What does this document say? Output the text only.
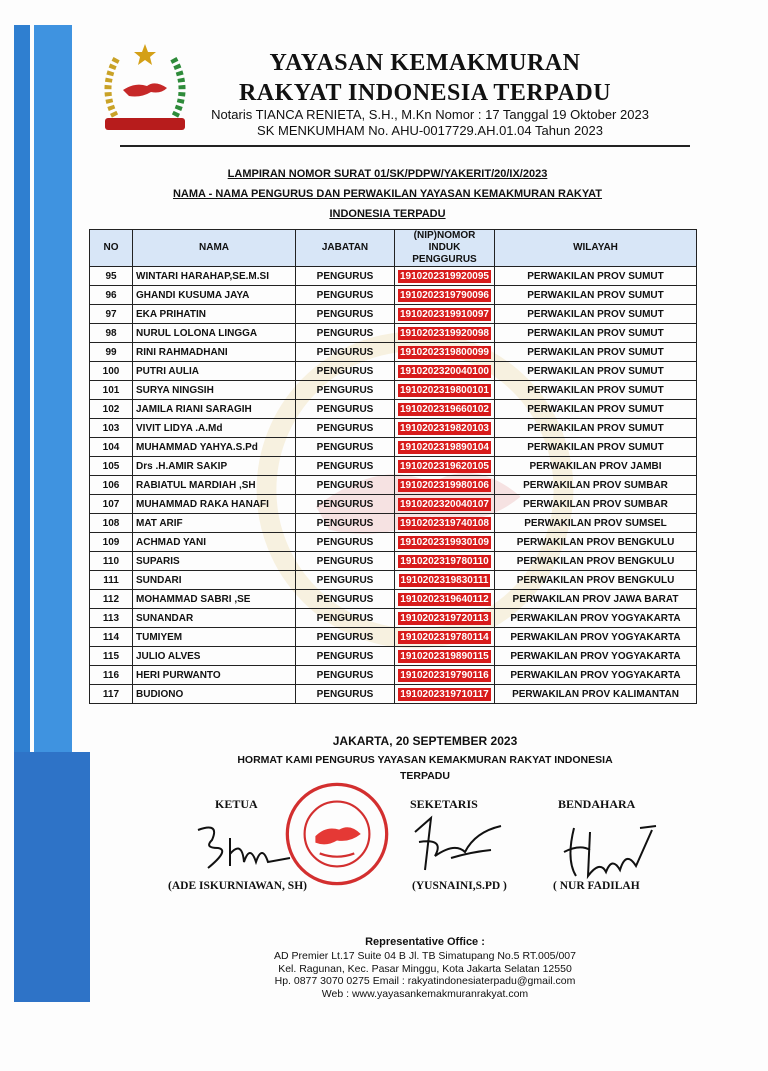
YAYASAN KEMAKMURAN
RAKYAT INDONESIA TERPADU
Notaris TIANCA RENIETA, S.H., M.Kn Nomor : 17 Tanggal 19 Oktober 2023
SK MENKUMHAM No. AHU-0017729.AH.01.04 Tahun 2023
LAMPIRAN NOMOR SURAT 01/SK/PDPW/YAKERIT/20/IX/2023
NAMA - NAMA PENGURUS DAN PERWAKILAN YAYASAN KEMAKMURAN RAKYAT
INDONESIA TERPADU
NO	NAMA	JABATAN	(NIP)NOMOR INDUK PENGGURUS	WILAYAH
95	WINTARI HARAHAP,SE.M.SI	PENGURUS	1910202319920095	PERWAKILAN PROV SUMUT
96	GHANDI KUSUMA JAYA	PENGURUS	1910202319790096	PERWAKILAN PROV SUMUT
97	EKA PRIHATIN	PENGURUS	1910202319910097	PERWAKILAN PROV SUMUT
98	NURUL LOLONA LINGGA	PENGURUS	1910202319920098	PERWAKILAN PROV SUMUT
99	RINI RAHMADHANI	PENGURUS	1910202319800099	PERWAKILAN PROV SUMUT
100	PUTRI AULIA	PENGURUS	1910202320040100	PERWAKILAN PROV SUMUT
101	SURYA NINGSIH	PENGURUS	1910202319800101	PERWAKILAN PROV SUMUT
102	JAMILA RIANI SARAGIH	PENGURUS	1910202319660102	PERWAKILAN PROV SUMUT
103	VIVIT LIDYA .A.Md	PENGURUS	1910202319820103	PERWAKILAN PROV SUMUT
104	MUHAMMAD YAHYA.S.Pd	PENGURUS	1910202319890104	PERWAKILAN PROV SUMUT
105	Drs .H.AMIR SAKIP	PENGURUS	1910202319620105	PERWAKILAN PROV JAMBI
106	RABIATUL MARDIAH ,SH	PENGURUS	1910202319980106	PERWAKILAN PROV SUMBAR
107	MUHAMMAD RAKA HANAFI	PENGURUS	1910202320040107	PERWAKILAN PROV SUMBAR
108	MAT ARIF	PENGURUS	1910202319740108	PERWAKILAN PROV SUMSEL
109	ACHMAD YANI	PENGURUS	1910202319930109	PERWAKILAN PROV BENGKULU
110	SUPARIS	PENGURUS	1910202319780110	PERWAKILAN PROV BENGKULU
111	SUNDARI	PENGURUS	1910202319830111	PERWAKILAN PROV BENGKULU
112	MOHAMMAD SABRI ,SE	PENGURUS	1910202319640112	PERWAKILAN PROV JAWA BARAT
113	SUNANDAR	PENGURUS	1910202319720113	PERWAKILAN PROV YOGYAKARTA
114	TUMIYEM	PENGURUS	1910202319780114	PERWAKILAN PROV YOGYAKARTA
115	JULIO ALVES	PENGURUS	1910202319890115	PERWAKILAN PROV YOGYAKARTA
116	HERI PURWANTO	PENGURUS	1910202319790116	PERWAKILAN PROV YOGYAKARTA
117	BUDIONO	PENGURUS	1910202319710117	PERWAKILAN PROV KALIMANTAN
JAKARTA, 20 SEPTEMBER 2023
HORMAT KAMI PENGURUS YAYASAN KEMAKMURAN RAKYAT INDONESIA
TERPADU
KETUA	SEKETARIS	BENDAHARA
(ADE ISKURNIAWAN, SH)	(YUSNAINI,S.PD )	( NUR FADILAH
Representative Office :
AD Premier Lt.17 Suite 04 B Jl. TB Simatupang No.5 RT.005/007
Kel. Ragunan, Kec. Pasar Minggu, Kota Jakarta Selatan 12550
Hp. 0877 3070 0275 Email : rakyatindonesiaterpadu@gmail.com
Web : www.yayasankemakmuranrakyat.com
